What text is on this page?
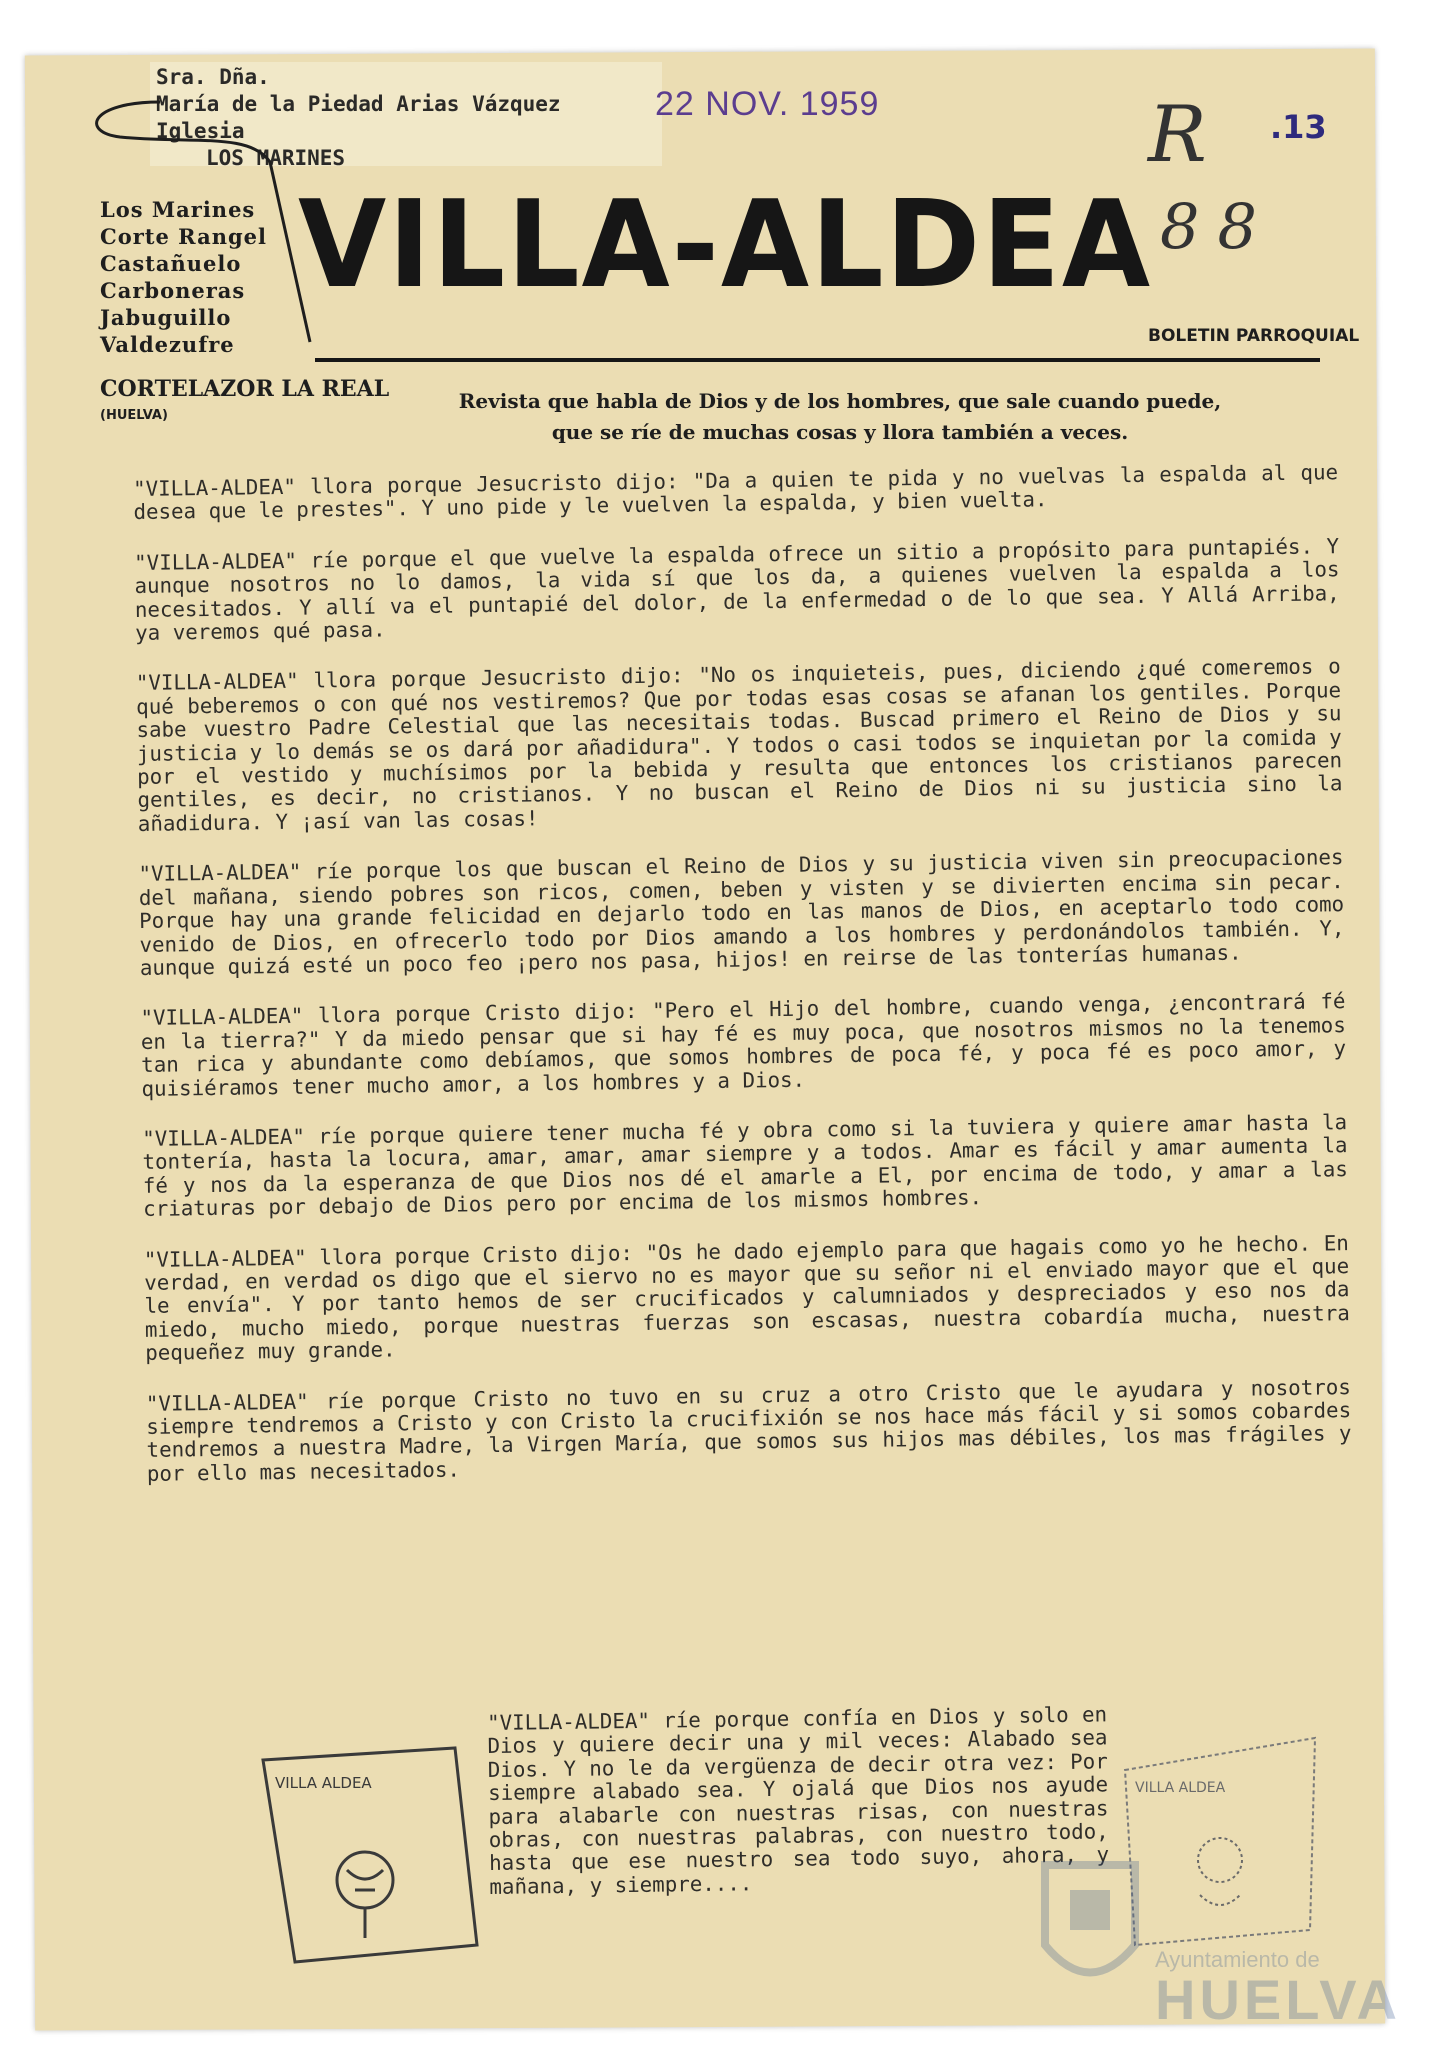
Sra. Dña.
María de la Piedad Arias Vázquez
Iglesia
LOS MARINES
22 NOV. 1959	R .13
88
Los Marines
Corte Rangel
Castañuelo
Carboneras
Jabuguillo
Valdezufre
CORTELAZOR LA REAL
(HUELVA)
VILLA-ALDEA
BOLETIN PARROQUIAL
Revista que habla de Dios y de los hombres, que sale cuando puede,
que se ríe de muchas cosas y llora también a veces.

"VILLA-ALDEA" llora porque Jesucristo dijo: "Da a quien te pida y no vuelvas la espalda al que desea que le prestes". Y uno pide y le vuelven la espalda, y bien vuelta.

"VILLA-ALDEA" ríe porque el que vuelve la espalda ofrece un sitio a propósito para puntapiés. Y aunque nosotros no lo damos, la vida sí que los da, a quienes vuelven la espalda a los necesitados. Y allí va el puntapié del dolor, de la enfermedad o de lo que sea. Y Allá Arriba, ya veremos qué pasa.

"VILLA-ALDEA" llora porque Jesucristo dijo: "No os inquieteis, pues, diciendo ¿qué comeremos o qué beberemos o con qué nos vestiremos? Que por todas esas cosas se afanan los gentiles. Porque sabe vuestro Padre Celestial que las necesitais todas. Buscad primero el Reino de Dios y su justicia y lo demás se os dará por añadidura". Y todos o casi todos se inquietan por la comida y por el vestido y muchísimos por la bebida y resulta que entonces los cristianos parecen gentiles, es decir, no cristianos. Y no buscan el Reino de Dios ni su justicia sino la añadidura. Y ¡así van las cosas!

"VILLA-ALDEA" ríe porque los que buscan el Reino de Dios y su justicia viven sin preocupaciones del mañana, siendo pobres son ricos, comen, beben y visten y se divierten encima sin pecar. Porque hay una grande felicidad en dejarlo todo en las manos de Dios, en aceptarlo todo como venido de Dios, en ofrecerlo todo por Dios amando a los hombres y perdonándolos también. Y, aunque quizá esté un poco feo ¡pero nos pasa, hijos! en reirse de las tonterías humanas.

"VILLA-ALDEA" llora porque Cristo dijo: "Pero el Hijo del hombre, cuando venga, ¿encontrará fé en la tierra?" Y da miedo pensar que si hay fé es muy poca, que nosotros mismos no la tenemos tan rica y abundante como debíamos, que somos hombres de poca fé, y poca fé es poco amor, y quisiéramos tener mucho amor, a los hombres y a Dios.

"VILLA-ALDEA" ríe porque quiere tener mucha fé y obra como si la tuviera y quiere amar hasta la tontería, hasta la locura, amar, amar, amar siempre y a todos. Amar es fácil y amar aumenta la fé y nos da la esperanza de que Dios nos dé el amarle a El, por encima de todo, y amar a las criaturas por debajo de Dios pero por encima de los mismos hombres.

"VILLA-ALDEA" llora porque Cristo dijo: "Os he dado ejemplo para que hagais como yo he hecho. En verdad, en verdad os digo que el siervo no es mayor que su señor ni el enviado mayor que el que le envía". Y por tanto hemos de ser crucificados y calumniados y despreciados y eso nos da miedo, mucho miedo, porque nuestras fuerzas son escasas, nuestra cobardía mucha, nuestra pequeñez muy grande.

"VILLA-ALDEA" ríe porque Cristo no tuvo en su cruz a otro Cristo que le ayudara y nosotros siempre tendremos a Cristo y con Cristo la crucifixión se nos hace más fácil y si somos cobardes tendremos a nuestra Madre, la Virgen María, que somos sus hijos mas débiles, los mas frágiles y por ello mas necesitados.

"VILLA-ALDEA" ríe porque confía en Dios y solo en Dios y quiere decir una y mil veces: Alabado sea Dios. Y no le da vergüenza de decir otra vez: Por siempre alabado sea. Y ojalá que Dios nos ayude para alabarle con nuestras risas, con nuestras obras, con nuestras palabras, con nuestro todo, hasta que ese nuestro sea todo suyo, ahora, y mañana, y siempre....
VILLA ALDEA	VILLA ALDEA
Ayuntamiento de
HUELVA
